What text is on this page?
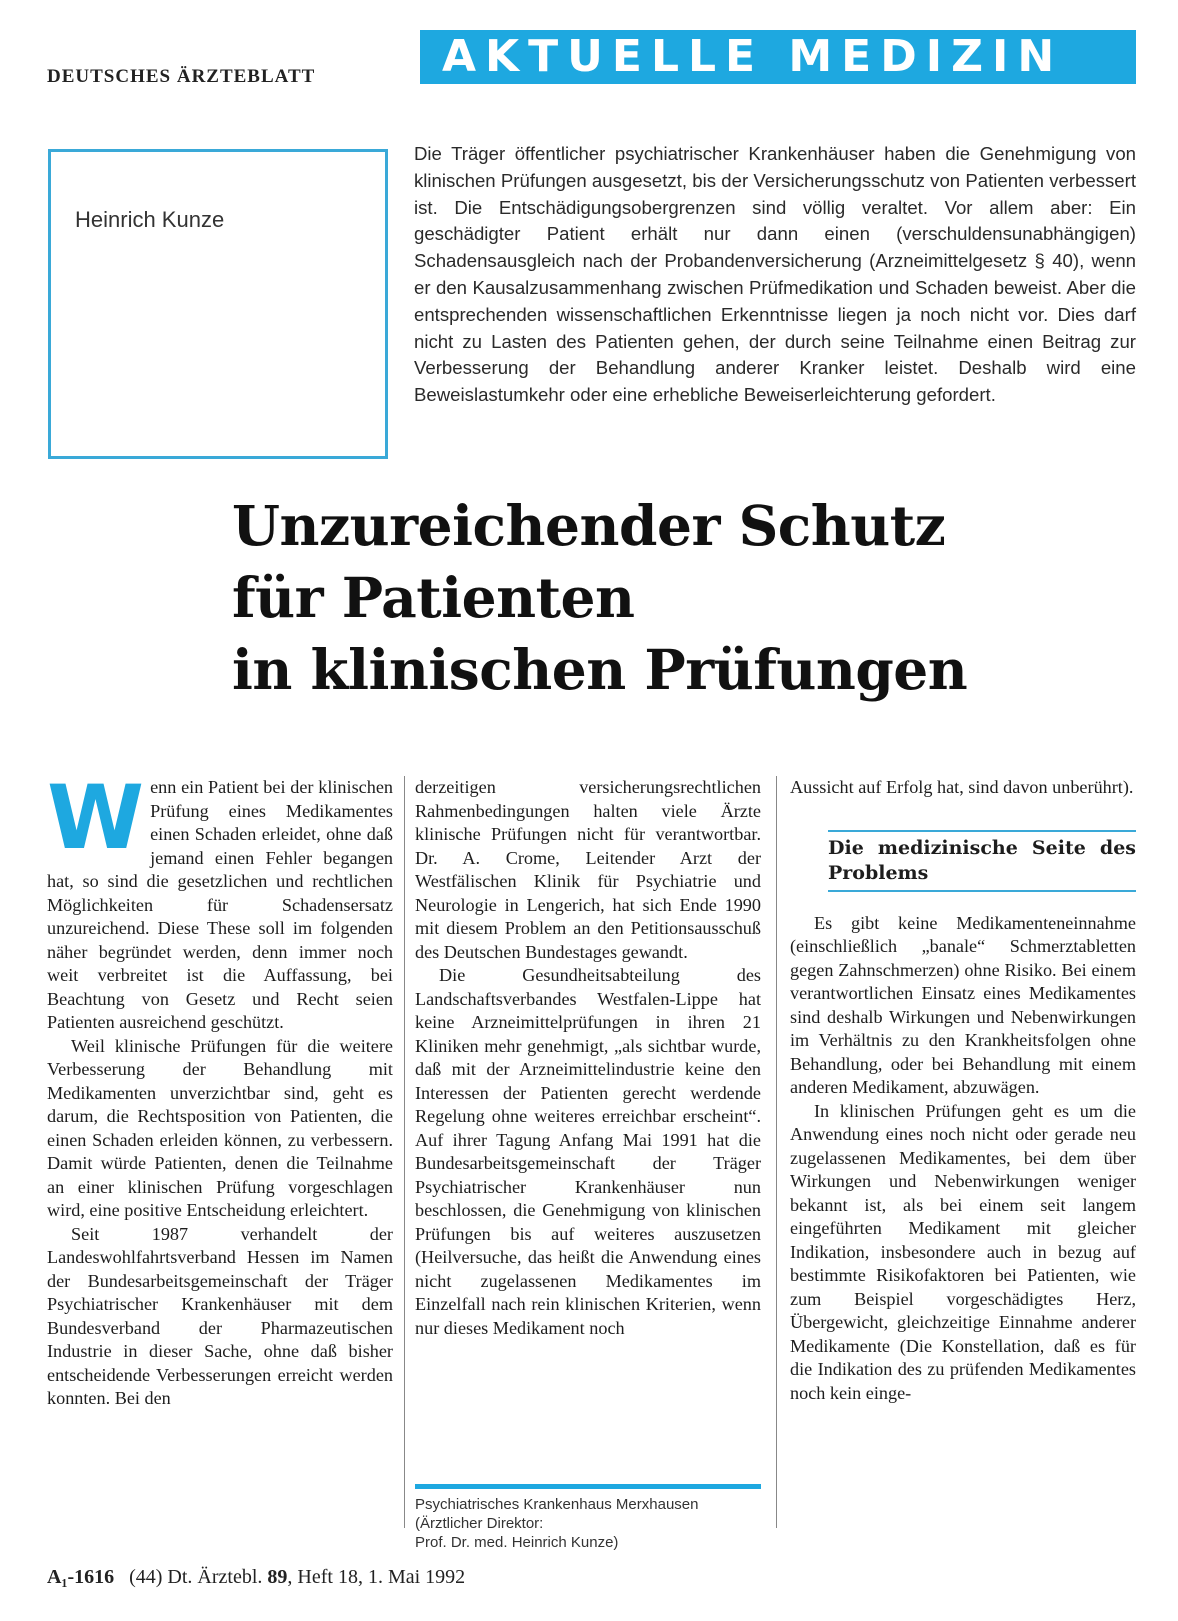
DEUTSCHES ÄRZTEBLATT	AKTUELLE MEDIZIN
Heinrich Kunze
Die Träger öffentlicher psychiatrischer Krankenhäuser haben die Genehmigung von klinischen Prüfungen ausgesetzt, bis der Versicherungsschutz von Patienten verbessert ist. Die Entschädigungsobergrenzen sind völlig veraltet. Vor allem aber: Ein geschädigter Patient erhält nur dann einen (verschuldensunabhängigen) Schadensausgleich nach der Probandenversicherung (Arzneimittelgesetz § 40), wenn er den Kausalzusammenhang zwischen Prüfmedikation und Schaden beweist. Aber die entsprechenden wissenschaftlichen Erkenntnisse liegen ja noch nicht vor. Dies darf nicht zu Lasten des Patienten gehen, der durch seine Teilnahme einen Beitrag zur Verbesserung der Behandlung anderer Kranker leistet. Deshalb wird eine Beweislastumkehr oder eine erhebliche Beweiserleichterung gefordert.
Unzureichender Schutz
für Patienten
in klinischen Prüfungen
W enn ein Patient bei der klinischen Prüfung eines Medikamentes einen Schaden erleidet, ohne daß jemand einen Fehler begangen hat, so sind die gesetzlichen und rechtlichen Möglichkeiten für Schadensersatz unzureichend. Diese These soll im folgenden näher begründet werden, denn immer noch weit verbreitet ist die Auffassung, bei Beachtung von Gesetz und Recht seien Patienten ausreichend geschützt.

Weil klinische Prüfungen für die weitere Verbesserung der Behandlung mit Medikamenten unverzichtbar sind, geht es darum, die Rechtsposition von Patienten, die einen Schaden erleiden können, zu verbessern. Damit würde Patienten, denen die Teilnahme an einer klinischen Prüfung vorgeschlagen wird, eine positive Entscheidung erleichtert.

Seit 1987 verhandelt der Landeswohlfahrtsverband Hessen im Namen der Bundesarbeitsgemeinschaft der Träger Psychiatrischer Krankenhäuser mit dem Bundesverband der Pharmazeutischen Industrie in dieser Sache, ohne daß bisher entscheidende Verbesserungen erreicht werden konnten. Bei den

derzeitigen versicherungsrechtlichen Rahmenbedingungen halten viele Ärzte klinische Prüfungen nicht für verantwortbar. Dr. A. Crome, Leitender Arzt der Westfälischen Klinik für Psychiatrie und Neurologie in Lengerich, hat sich Ende 1990 mit diesem Problem an den Petitionsausschuß des Deutschen Bundestages gewandt.

Die Gesundheitsabteilung des Landschaftsverbandes Westfalen-Lippe hat keine Arzneimittelprüfungen in ihren 21 Kliniken mehr genehmigt, „als sichtbar wurde, daß mit der Arzneimittelindustrie keine den Interessen der Patienten gerecht werdende Regelung ohne weiteres erreichbar erscheint“. Auf ihrer Tagung Anfang Mai 1991 hat die Bundesarbeitsgemeinschaft der Träger Psychiatrischer Krankenhäuser nun beschlossen, die Genehmigung von klinischen Prüfungen bis auf weiteres auszusetzen (Heilversuche, das heißt die Anwendung eines nicht zugelassenen Medikamentes im Einzelfall nach rein klinischen Kriterien, wenn nur dieses Medikament noch

Aussicht auf Erfolg hat, sind davon unberührt).

Die medizinische Seite des Problems

Es gibt keine Medikamenteneinnahme (einschließlich „banale“ Schmerztabletten gegen Zahnschmerzen) ohne Risiko. Bei einem verantwortlichen Einsatz eines Medikamentes sind deshalb Wirkungen und Nebenwirkungen im Verhältnis zu den Krankheitsfolgen ohne Behandlung, oder bei Behandlung mit einem anderen Medikament, abzuwägen.

In klinischen Prüfungen geht es um die Anwendung eines noch nicht oder gerade neu zugelassenen Medikamentes, bei dem über Wirkungen und Nebenwirkungen weniger bekannt ist, als bei einem seit langem eingeführten Medikament mit gleicher Indikation, insbesondere auch in bezug auf bestimmte Risikofaktoren bei Patienten, wie zum Beispiel vorgeschädigtes Herz, Übergewicht, gleichzeitige Einnahme anderer Medikamente (Die Konstellation, daß es für die Indikation des zu prüfenden Medikamentes noch kein einge-

Psychiatrisches Krankenhaus Merxhausen
(Ärztlicher Direktor:
Prof. Dr. med. Heinrich Kunze)
A₁-1616 (44) Dt. Ärztebl. 89, Heft 18, 1. Mai 1992
